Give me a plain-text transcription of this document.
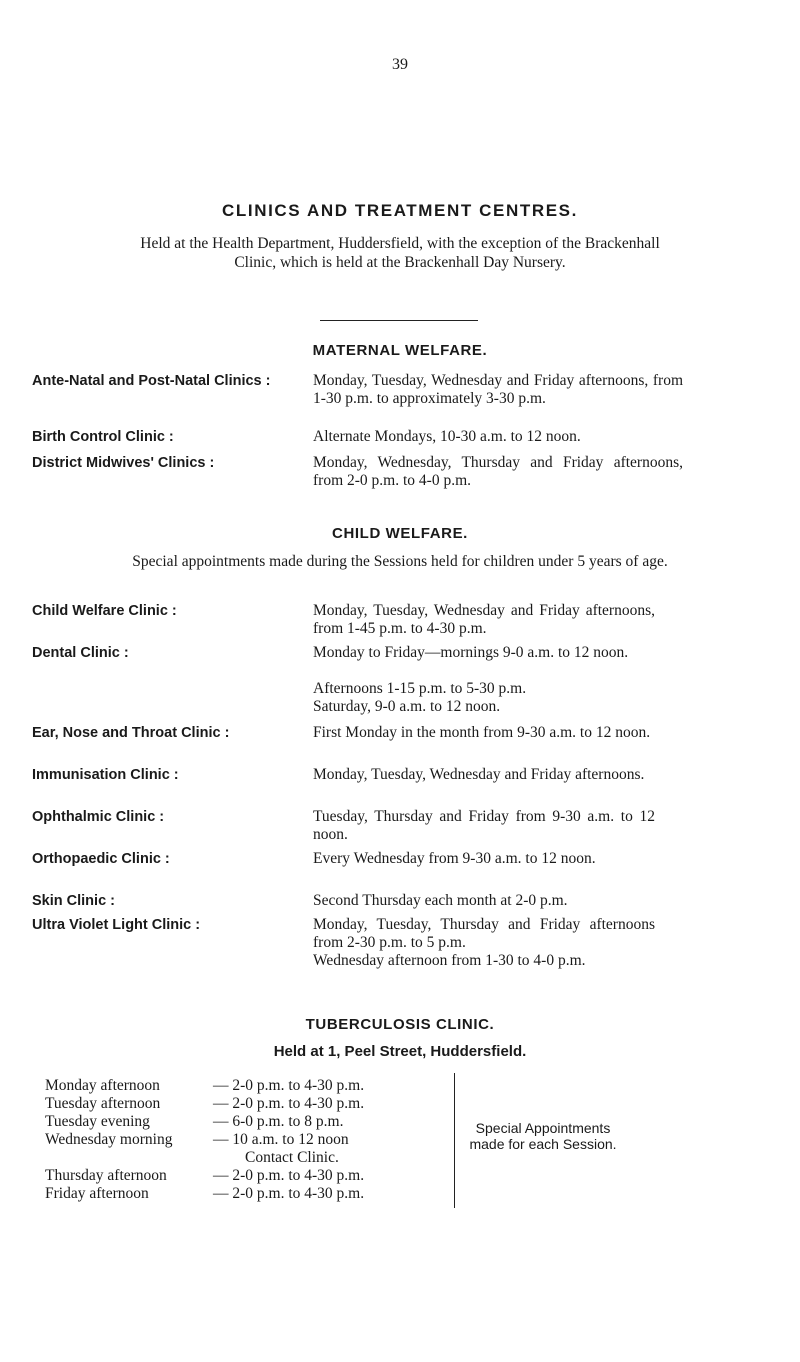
39
CLINICS AND TREATMENT CENTRES.
Held at the Health Department, Huddersfield, with the exception of the Brackenhall Clinic, which is held at the Brackenhall Day Nursery.
MATERNAL WELFARE.
Ante-Natal and Post-Natal Clinics :	Monday, Tuesday, Wednesday and Friday afternoons, from 1-30 p.m. to approximately 3-30 p.m.
Birth Control Clinic :	Alternate Mondays, 10-30 a.m. to 12 noon.
District Midwives' Clinics :	Monday, Wednesday, Thursday and Friday afternoons, from 2-0 p.m. to 4-0 p.m.
CHILD WELFARE.
Special appointments made during the Sessions held for children under 5 years of age.
Child Welfare Clinic :	Monday, Tuesday, Wednesday and Friday afternoons, from 1-45 p.m. to 4-30 p.m.
Dental Clinic :	Monday to Friday—mornings 9-0 a.m. to 12 noon.
Afternoons 1-15 p.m. to 5-30 p.m.
Saturday, 9-0 a.m. to 12 noon.
Ear, Nose and Throat Clinic :	First Monday in the month from 9-30 a.m. to 12 noon.
Immunisation Clinic :	Monday, Tuesday, Wednesday and Friday afternoons.
Ophthalmic Clinic :	Tuesday, Thursday and Friday from 9-30 a.m. to 12 noon.
Orthopaedic Clinic :	Every Wednesday from 9-30 a.m. to 12 noon.
Skin Clinic :	Second Thursday each month at 2-0 p.m.
Ultra Violet Light Clinic :	Monday, Tuesday, Thursday and Friday afternoons from 2-30 p.m. to 5 p.m.
Wednesday afternoon from 1-30 to 4-0 p.m.
TUBERCULOSIS CLINIC.
Held at 1, Peel Street, Huddersfield.
Monday afternoon	— 2-0 p.m. to 4-30 p.m.
Tuesday afternoon	— 2-0 p.m. to 4-30 p.m.
Tuesday evening	— 6-0 p.m. to 8 p.m.
Wednesday morning	— 10 a.m. to 12 noon
Contact Clinic.
Thursday afternoon	— 2-0 p.m. to 4-30 p.m.
Friday afternoon	— 2-0 p.m. to 4-30 p.m.
Special Appointments made for each Session.
